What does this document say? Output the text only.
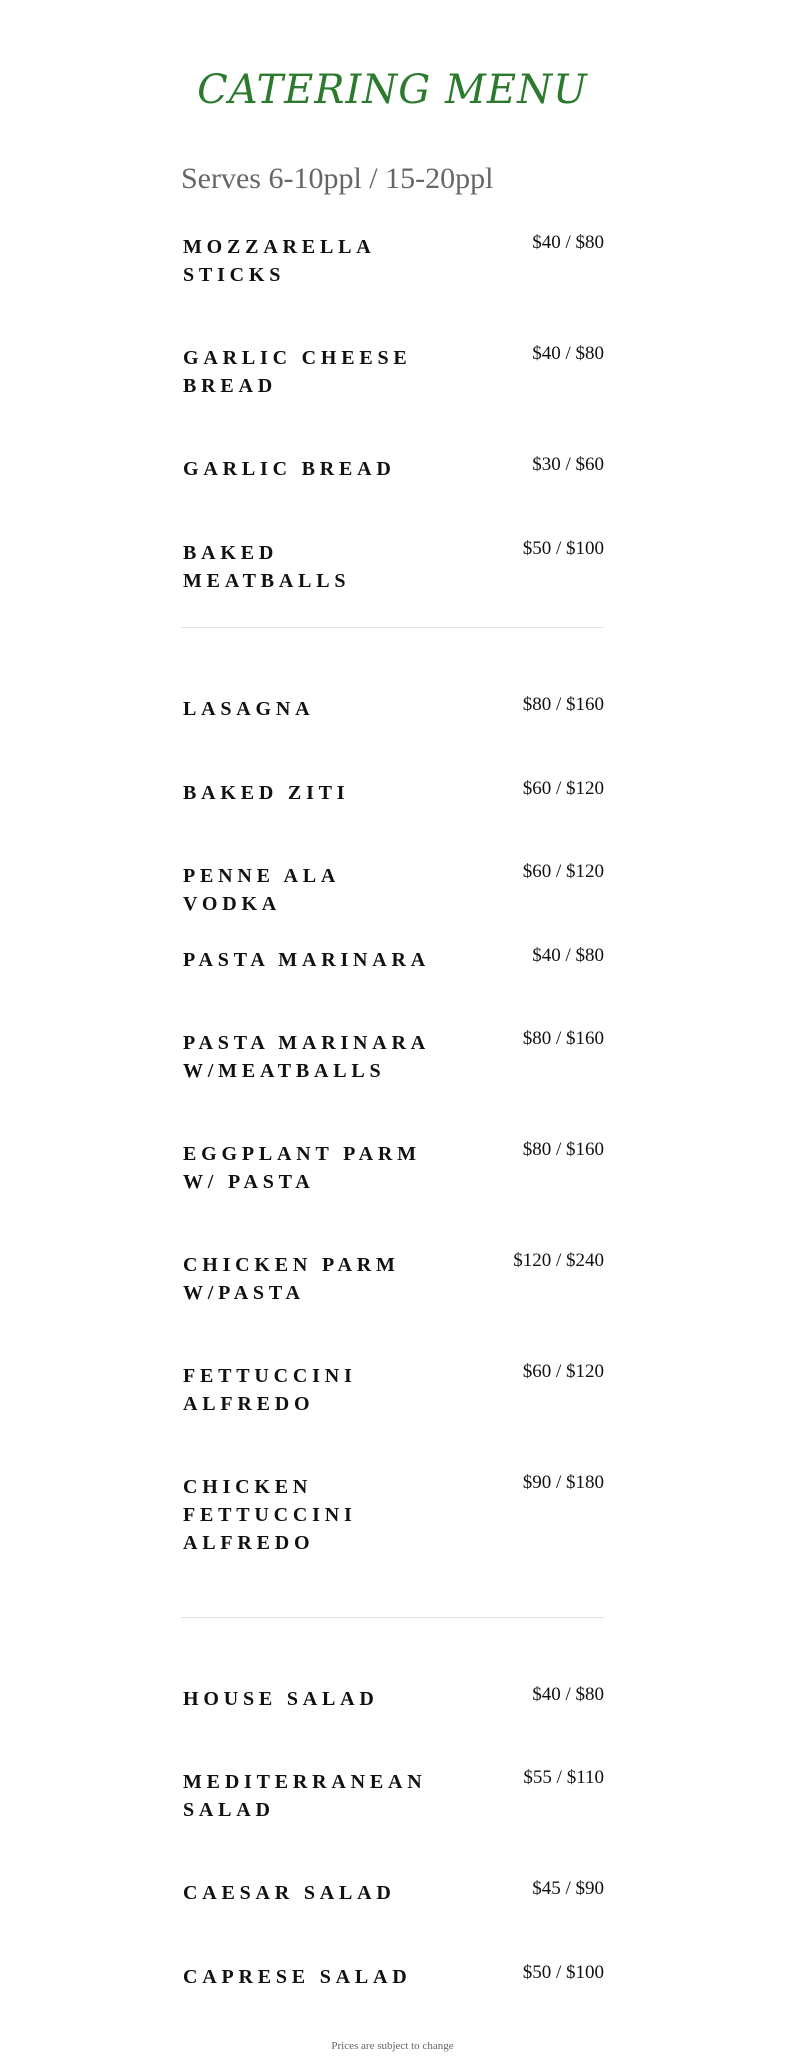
CATERING MENU
Serves 6-10ppl / 15-20ppl
MOZZARELLA STICKS
$40 / $80
GARLIC CHEESE BREAD
$40 / $80
GARLIC BREAD	$30 / $60
BAKED MEATBALLS
$50 / $100
LASAGNA	$80 / $160
BAKED ZITI	$60 / $120
PENNE ALA VODKA
$60 / $120
PASTA MARINARA	$40 / $80
PASTA MARINARA W/MEATBALLS
$80 / $160
EGGPLANT PARM W/ PASTA
$80 / $160
CHICKEN PARM W/PASTA
$120 / $240
FETTUCCINI ALFREDO
$60 / $120
CHICKEN FETTUCCINI ALFREDO
$90 / $180
HOUSE SALAD	$40 / $80
MEDITERRANEAN SALAD
$55 / $110
CAESAR SALAD	$45 / $90
CAPRESE SALAD	$50 / $100
Prices are subject to change
